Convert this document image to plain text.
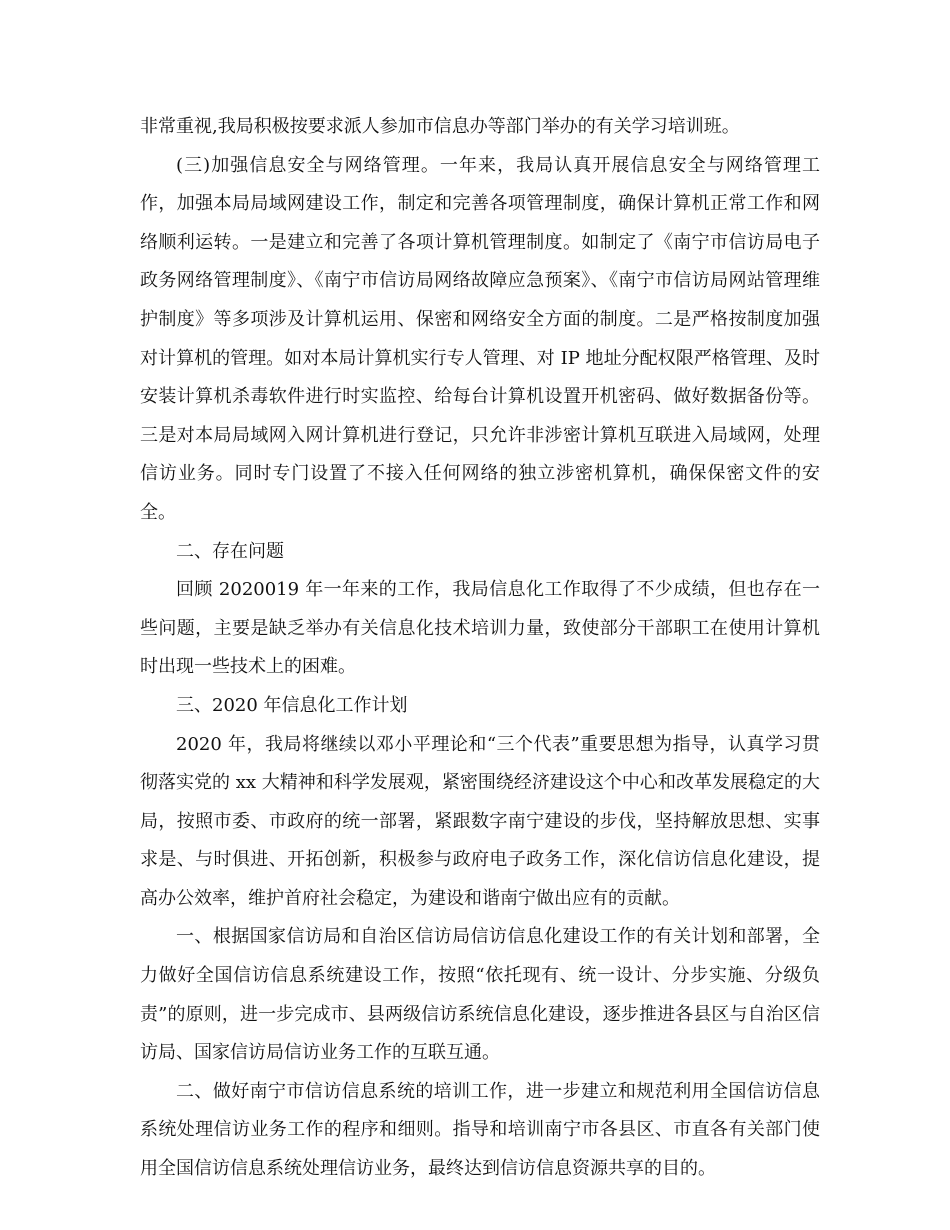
非常重视,我局积极按要求派人参加市信息办等部门举办的有关学习培训班。

(三)加强信息安全与网络管理。一年来，我局认真开展信息安全与网络管理工作，加强本局局域网建设工作，制定和完善各项管理制度，确保计算机正常工作和网络顺利运转。一是建立和完善了各项计算机管理制度。如制定了《南宁市信访局电子政务网络管理制度》、《南宁市信访局网络故障应急预案》、《南宁市信访局网站管理维护制度》等多项涉及计算机运用、保密和网络安全方面的制度。二是严格按制度加强对计算机的管理。如对本局计算机实行专人管理、对 IP 地址分配权限严格管理、及时安装计算机杀毒软件进行时实监控、给每台计算机设置开机密码、做好数据备份等。三是对本局局域网入网计算机进行登记，只允许非涉密计算机互联进入局域网，处理信访业务。同时专门设置了不接入任何网络的独立涉密机算机，确保保密文件的安全。

二、存在问题

回顾 2020019 年一年来的工作，我局信息化工作取得了不少成绩，但也存在一些问题，主要是缺乏举办有关信息化技术培训力量，致使部分干部职工在使用计算机时出现一些技术上的困难。

三、2020 年信息化工作计划

2020 年，我局将继续以邓小平理论和“三个代表”重要思想为指导，认真学习贯彻落实党的 xx 大精神和科学发展观，紧密围绕经济建设这个中心和改革发展稳定的大局，按照市委、市政府的统一部署，紧跟数字南宁建设的步伐，坚持解放思想、实事求是、与时俱进、开拓创新，积极参与政府电子政务工作，深化信访信息化建设，提高办公效率，维护首府社会稳定，为建设和谐南宁做出应有的贡献。

一、根据国家信访局和自治区信访局信访信息化建设工作的有关计划和部署，全力做好全国信访信息系统建设工作，按照“依托现有、统一设计、分步实施、分级负责”的原则，进一步完成市、县两级信访系统信息化建设，逐步推进各县区与自治区信访局、国家信访局信访业务工作的互联互通。

二、做好南宁市信访信息系统的培训工作，进一步建立和规范利用全国信访信息系统处理信访业务工作的程序和细则。指导和培训南宁市各县区、市直各有关部门使用全国信访信息系统处理信访业务，最终达到信访信息资源共享的目的。
